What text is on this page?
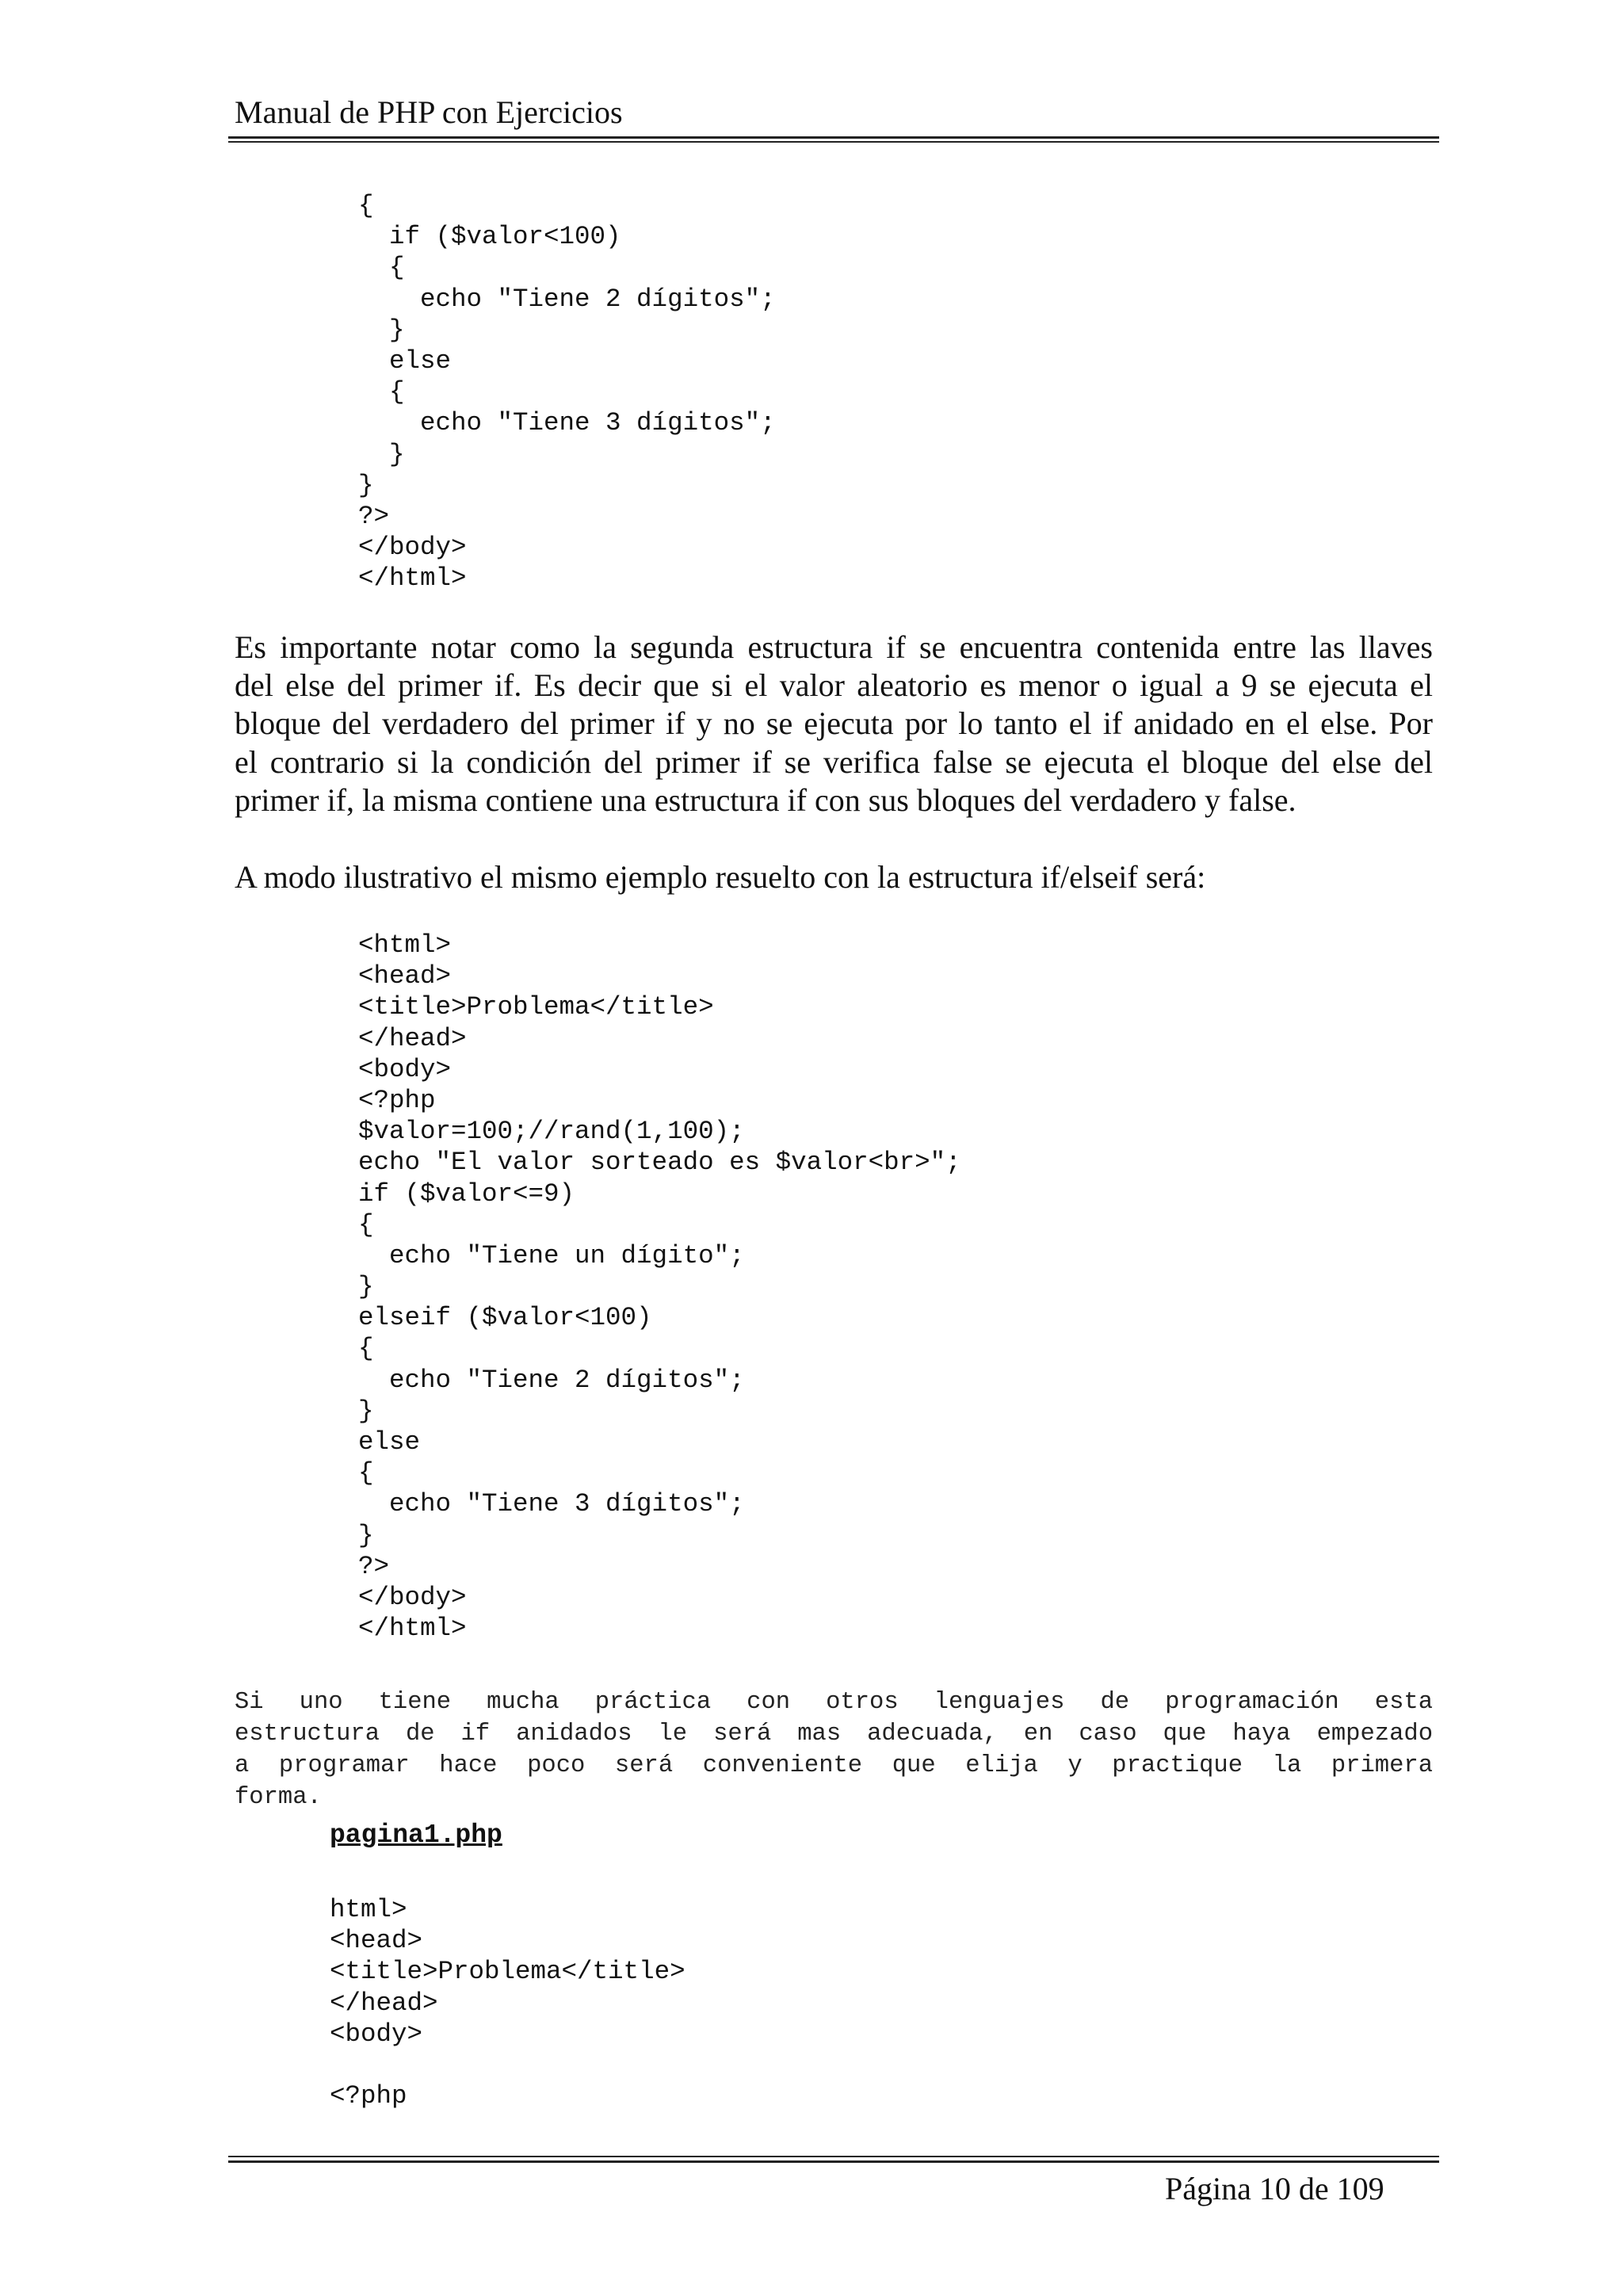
Manual de PHP con Ejercicios
{
if ($valor<100)
{
echo "Tiene 2 dígitos";
}
else
{
echo "Tiene 3 dígitos";
}
}
?>
</body>
</html>
Es importante notar como la segunda estructura if se encuentra contenida entre las llaves
del else del primer if. Es decir que si el valor aleatorio es menor o igual a 9 se ejecuta el
bloque del verdadero del primer if y no se ejecuta por lo tanto el if anidado en el else. Por
el contrario si la condición del primer if se verifica false se ejecuta el bloque del else del
primer if, la misma contiene una estructura if con sus bloques del verdadero y false.
A modo ilustrativo el mismo ejemplo resuelto con la estructura if/elseif será:
<html>
<head>
<title>Problema</title>
</head>
<body>
<?php
$valor=100;//rand(1,100);
echo "El valor sorteado es $valor<br>";
if ($valor<=9)
{
echo "Tiene un dígito";
}
elseif ($valor<100)
{
echo "Tiene 2 dígitos";
}
else
{
echo "Tiene 3 dígitos";
}
?>
</body>
</html>
Si uno tiene mucha práctica con otros lenguajes de programación esta
estructura de if anidados le será mas adecuada, en caso que haya empezado
a programar hace poco será conveniente que elija y practique la primera
forma.
pagina1.php
html>
<head>
<title>Problema</title>
</head>
<body>
<?php
Página 10 de 109
